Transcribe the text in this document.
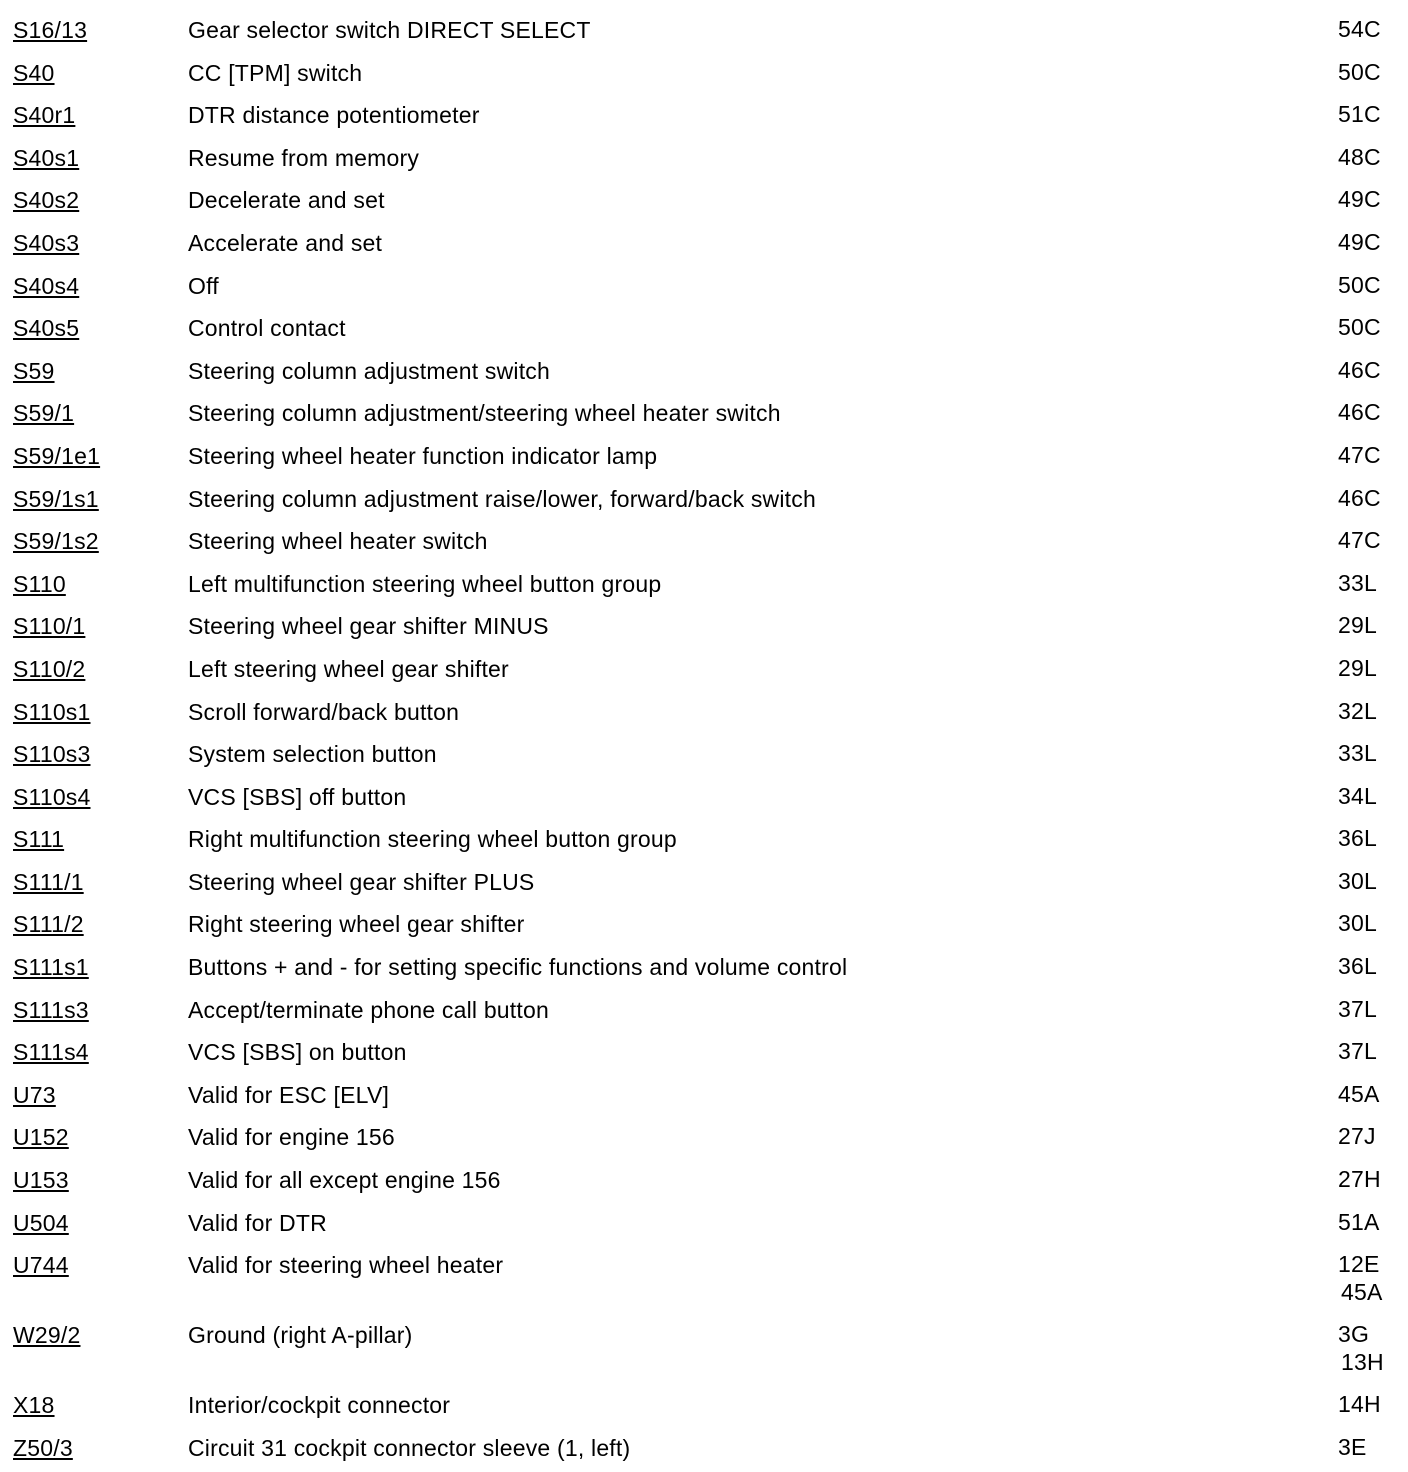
S16/13	Gear selector switch DIRECT SELECT	54C
S40	CC [TPM] switch	50C
S40r1	DTR distance potentiometer	51C
S40s1	Resume from memory	48C
S40s2	Decelerate and set	49C
S40s3	Accelerate and set	49C
S40s4	Off	50C
S40s5	Control contact	50C
S59	Steering column adjustment switch	46C
S59/1	Steering column adjustment/steering wheel heater switch	46C
S59/1e1	Steering wheel heater function indicator lamp	47C
S59/1s1	Steering column adjustment raise/lower, forward/back switch	46C
S59/1s2	Steering wheel heater switch	47C
S110	Left multifunction steering wheel button group	33L
S110/1	Steering wheel gear shifter MINUS	29L
S110/2	Left steering wheel gear shifter	29L
S110s1	Scroll forward/back button	32L
S110s3	System selection button	33L
S110s4	VCS [SBS] off button	34L
S111	Right multifunction steering wheel button group	36L
S111/1	Steering wheel gear shifter PLUS	30L
S111/2	Right steering wheel gear shifter	30L
S111s1	Buttons + and - for setting specific functions and volume control	36L
S111s3	Accept/terminate phone call button	37L
S111s4	VCS [SBS] on button	37L
U73	Valid for ESC [ELV]	45A
U152	Valid for engine 156	27J
U153	Valid for all except engine 156	27H
U504	Valid for DTR	51A
U744	Valid for steering wheel heater	12E
45A
W29/2	Ground (right A-pillar)	3G
13H
X18	Interior/cockpit connector	14H
Z50/3	Circuit 31 cockpit connector sleeve (1, left)	3E
